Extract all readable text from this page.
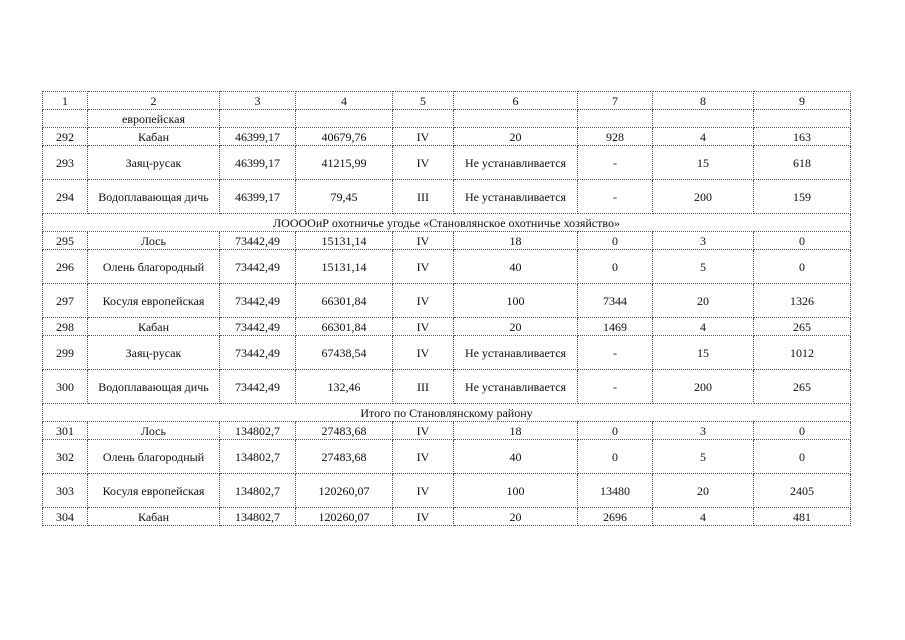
1	2	3	4	5	6	7	8	9
	европейская							
292	Кабан	46399,17	40679,76	IV	20	928	4	163
293	Заяц-русак	46399,17	41215,99	IV	Не устанавливается	-	15	618
294	Водоплавающая дичь	46399,17	79,45	III	Не устанавливается	-	200	159
ЛОООOиР охотничье угодье «Становлянское охотничье хозяйство»								
295	Лось	73442,49	15131,14	IV	18	0	3	0
296	Олень благородный	73442,49	15131,14	IV	40	0	5	0
297	Косуля европейская	73442,49	66301,84	IV	100	7344	20	1326
298	Кабан	73442,49	66301,84	IV	20	1469	4	265
299	Заяц-русак	73442,49	67438,54	IV	Не устанавливается	-	15	1012
300	Водоплавающая дичь	73442,49	132,46	III	Не устанавливается	-	200	265
Итого по Становлянскому району								
301	Лось	134802,7	27483,68	IV	18	0	3	0
302	Олень благородный	134802,7	27483,68	IV	40	0	5	0
303	Косуля европейская	134802,7	120260,07	IV	100	13480	20	2405
304	Кабан	134802,7	120260,07	IV	20	2696	4	481
